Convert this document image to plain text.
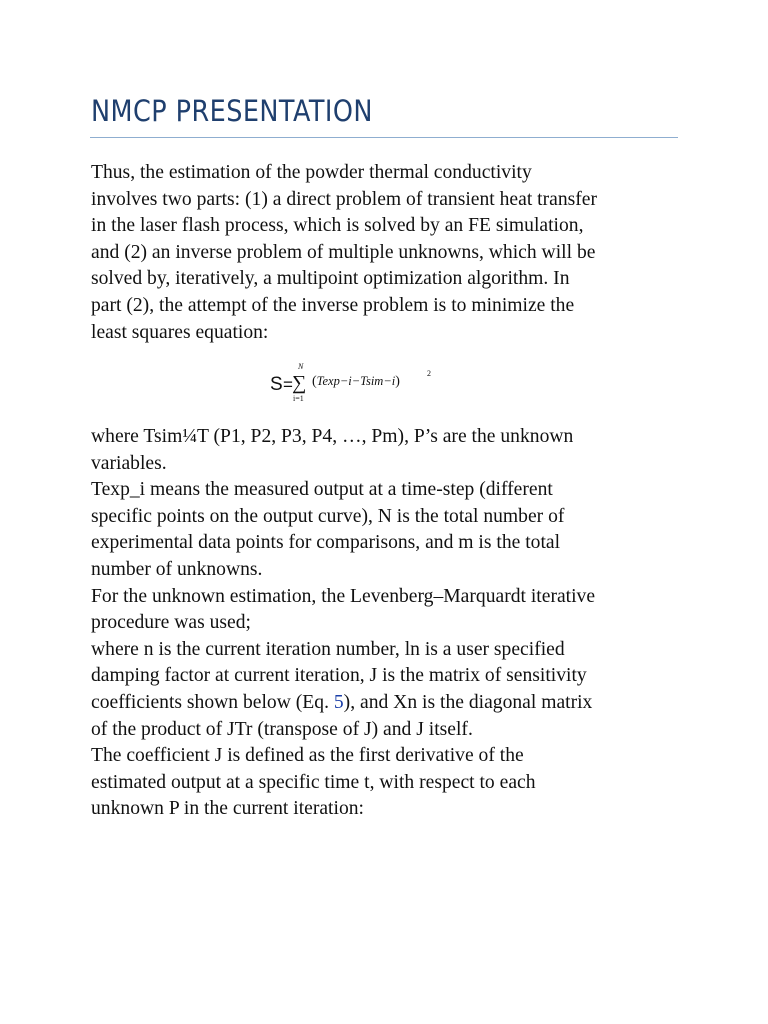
NMCP PRESENTATION
Thus, the estimation of the powder thermal conductivity
involves two parts: (1) a direct problem of transient heat transfer
in the laser flash process, which is solved by an FE simulation,
and (2) an inverse problem of multiple unknowns, which will be
solved by, iteratively, a multipoint optimization algorithm. In
part (2), the attempt of the inverse problem is to minimize the
least squares equation:
S =
N
∑
i=1
(Texp−i−Tsim−i)
2
where Tsim¼T (P1, P2, P3, P4, …, Pm), P’s are the unknown
variables.
Texp_i means the measured output at a time-step (different
specific points on the output curve), N is the total number of
experimental data points for comparisons, and m is the total
number of unknowns.
For the unknown estimation, the Levenberg–Marquardt iterative
procedure was used;
where n is the current iteration number, ln is a user specified
damping factor at current iteration, J is the matrix of sensitivity
coefficients shown below (Eq. 5), and Xn is the diagonal matrix
of the product of JTr (transpose of J) and J itself.
The coefficient J is defined as the first derivative of the
estimated output at a specific time t, with respect to each
unknown P in the current iteration:
